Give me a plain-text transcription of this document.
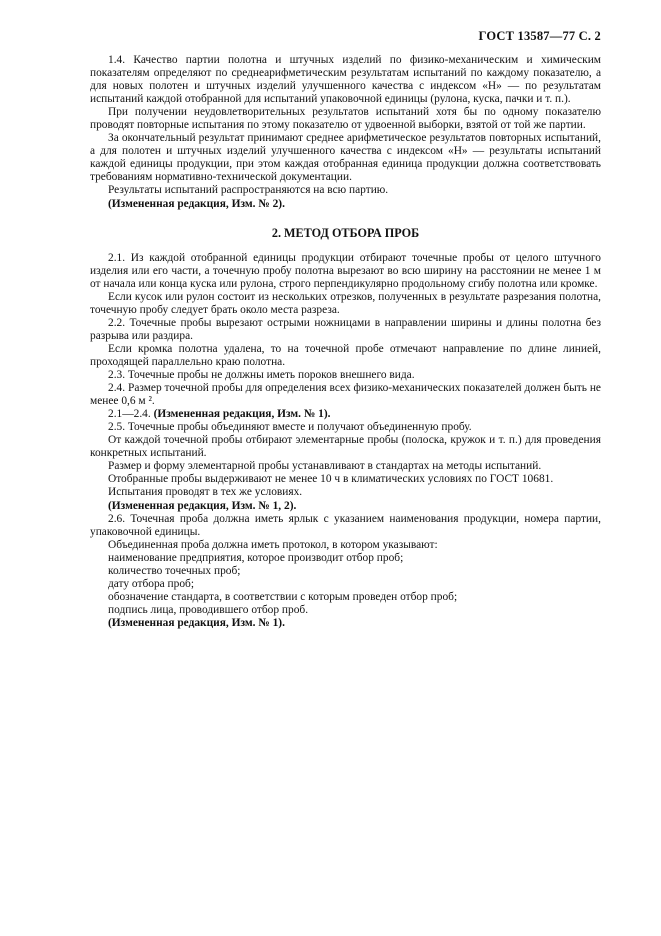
ГОСТ 13587—77 С. 2

1.4. Качество партии полотна и штучных изделий по физико-механическим и химическим показателям определяют по среднеарифметическим результатам испытаний по каждому показателю, а для новых полотен и штучных изделий улучшенного качества с индексом «Н» — по результатам испытаний каждой отобранной для испытаний упаковочной единицы (рулона, куска, пачки и т. п.).

При получении неудовлетворительных результатов испытаний хотя бы по одному показателю проводят повторные испытания по этому показателю от удвоенной выборки, взятой от той же партии.

За окончательный результат принимают среднее арифметическое результатов повторных испытаний, а для полотен и штучных изделий улучшенного качества с индексом «Н» — результаты испытаний каждой единицы продукции, при этом каждая отобранная единица продукции должна соответствовать требованиям нормативно-технической документации.

Результаты испытаний распространяются на всю партию.

(Измененная редакция, Изм. № 2).

2. МЕТОД ОТБОРА ПРОБ

2.1. Из каждой отобранной единицы продукции отбирают точечные пробы от целого штучного изделия или его части, а точечную пробу полотна вырезают во всю ширину на расстоянии не менее 1 м от начала или конца куска или рулона, строго перпендикулярно продольному сгибу полотна или кромке.

Если кусок или рулон состоит из нескольких отрезков, полученных в результате разрезания полотна, точечную пробу следует брать около места разреза.

2.2. Точечные пробы вырезают острыми ножницами в направлении ширины и длины полотна без разрыва или раздира.

Если кромка полотна удалена, то на точечной пробе отмечают направление по длине линией, проходящей параллельно краю полотна.

2.3. Точечные пробы не должны иметь пороков внешнего вида.

2.4. Размер точечной пробы для определения всех физико-механических показателей должен быть не менее 0,6 м ².

2.1—2.4. (Измененная редакция, Изм. № 1).

2.5. Точечные пробы объединяют вместе и получают объединенную пробу.

От каждой точечной пробы отбирают элементарные пробы (полоска, кружок и т. п.) для проведения конкретных испытаний.

Размер и форму элементарной пробы устанавливают в стандартах на методы испытаний.

Отобранные пробы выдерживают не менее 10 ч в климатических условиях по ГОСТ 10681.

Испытания проводят в тех же условиях.

(Измененная редакция, Изм. № 1, 2).

2.6. Точечная проба должна иметь ярлык с указанием наименования продукции, номера партии, упаковочной единицы.

Объединенная проба должна иметь протокол, в котором указывают:

наименование предприятия, которое производит отбор проб;

количество точечных проб;

дату отбора проб;

обозначение стандарта, в соответствии с которым проведен отбор проб;

подпись лица, проводившего отбор проб.

(Измененная редакция, Изм. № 1).
